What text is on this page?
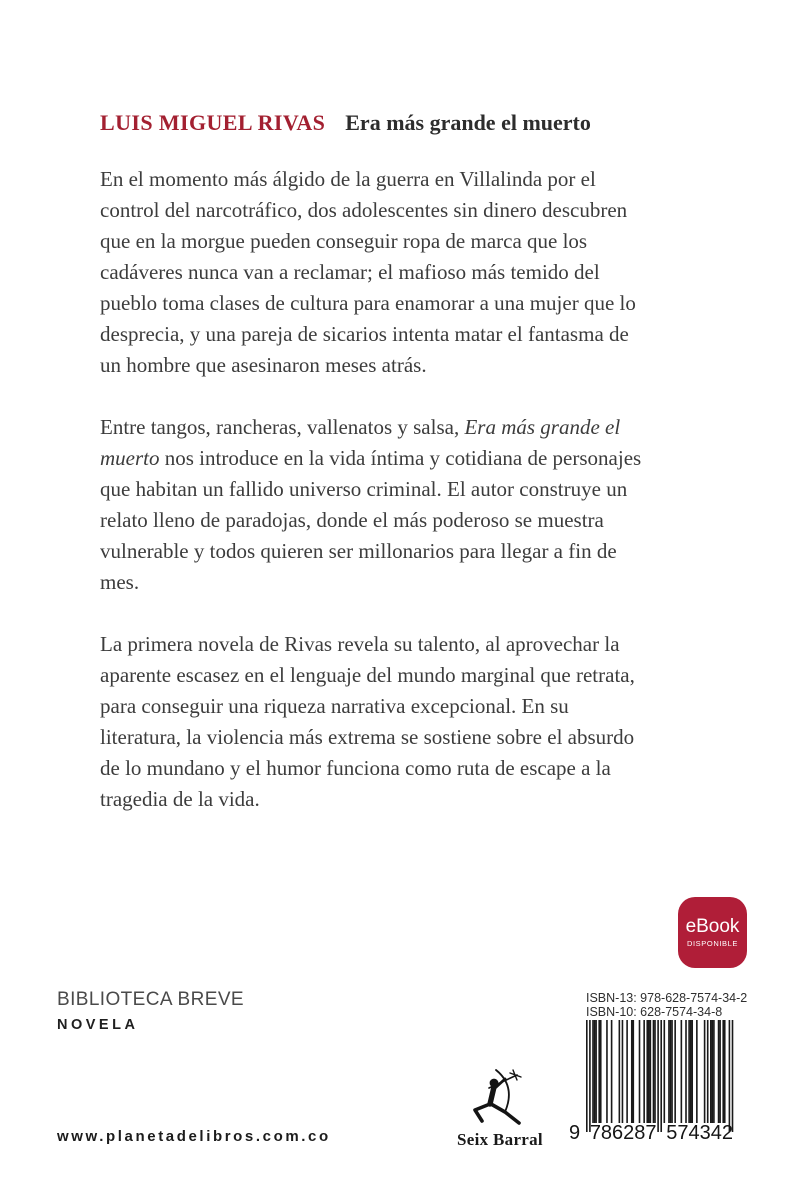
LUIS MIGUEL RIVAS Era más grande el muerto

En el momento más álgido de la guerra en Villalinda por el control del narcotráfico, dos adolescentes sin dinero descubren que en la morgue pueden conseguir ropa de marca que los cadáveres nunca van a reclamar; el mafioso más temido del pueblo toma clases de cultura para enamorar a una mujer que lo desprecia, y una pareja de sicarios intenta matar el fantasma de un hombre que asesinaron meses atrás.

Entre tangos, rancheras, vallenatos y salsa, Era más grande el muerto nos introduce en la vida íntima y cotidiana de personajes que habitan un fallido universo criminal. El autor construye un relato lleno de paradojas, donde el más poderoso se muestra vulnerable y todos quieren ser millonarios para llegar a fin de mes.

La primera novela de Rivas revela su talento, al aprovechar la aparente escasez en el lenguaje del mundo marginal que retrata, para conseguir una riqueza narrativa excepcional. En su literatura, la violencia más extrema se sostiene sobre el absurdo de lo mundano y el humor funciona como ruta de escape a la tragedia de la vida.

eBook
DISPONIBLE
BIBLIOTECA BREVE
NOVELA
ISBN-13: 978-628-7574-34-2
ISBN-10: 628-7574-34-8
9 786287 574342
Seix Barral
www.planetadelibros.com.co
